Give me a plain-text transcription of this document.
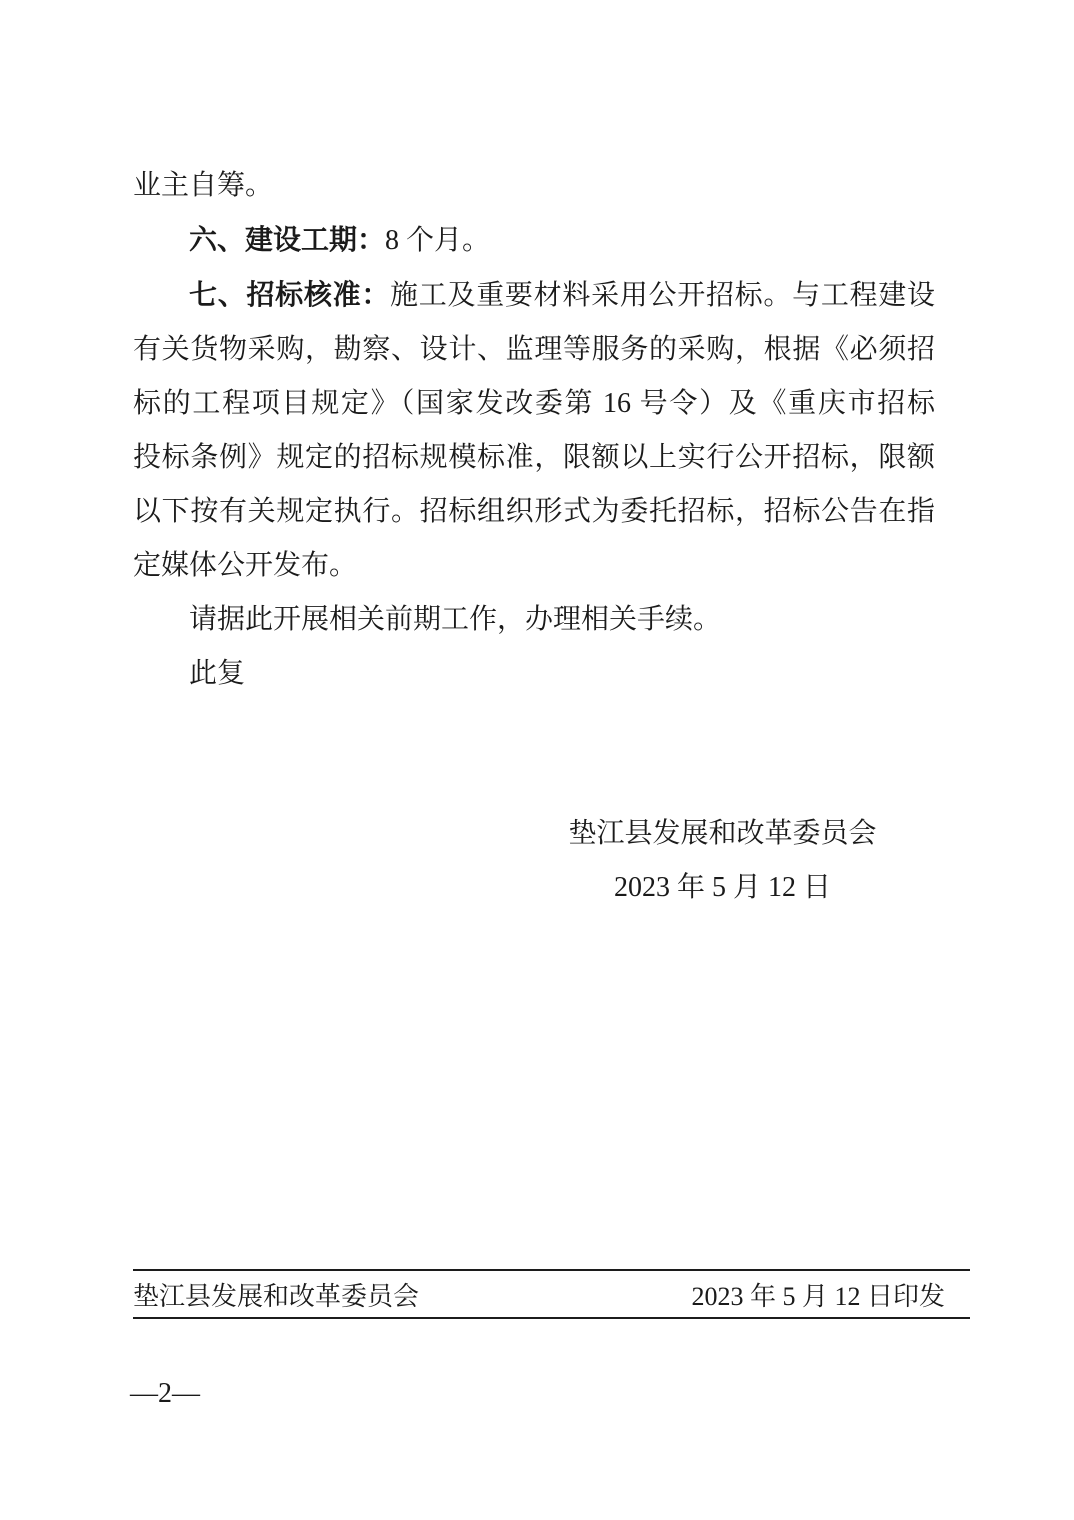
业主自筹。

六、建设工期：8 个月。

七、招标核准：施工及重要材料采用公开招标。与工程建设

有关货物采购，勘察、设计、监理等服务的采购，根据《必须招

标的工程项目规定》（国家发改委第 16 号令）及《重庆市招标

投标条例》规定的招标规模标准，限额以上实行公开招标，限额

以下按有关规定执行。招标组织形式为委托招标，招标公告在指

定媒体公开发布。

请据此开展相关前期工作，办理相关手续。

此复

垫江县发展和改革委员会

2023 年 5 月 12 日

垫江县发展和改革委员会	2023 年 5 月 12 日印发
—2—
